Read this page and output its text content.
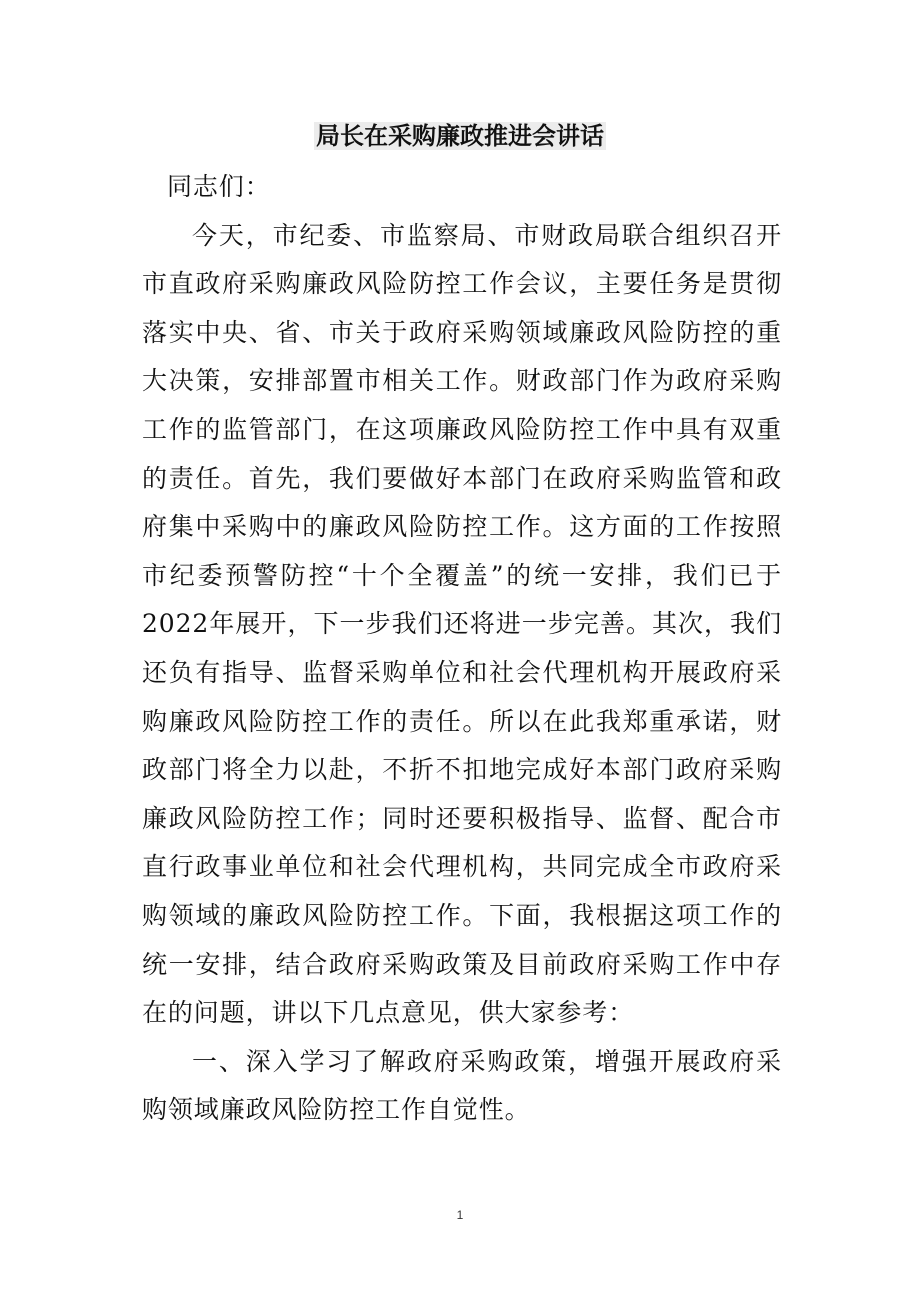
局长在采购廉政推进会讲话

同志们：

今天，市纪委、市监察局、市财政局联合组织召开市直政府采购廉政风险防控工作会议，主要任务是贯彻落实中央、省、市关于政府采购领域廉政风险防控的重大决策，安排部置市相关工作。财政部门作为政府采购工作的监管部门，在这项廉政风险防控工作中具有双重的责任。首先，我们要做好本部门在政府采购监管和政府集中采购中的廉政风险防控工作。这方面的工作按照市纪委预警防控“十个全覆盖”的统一安排，我们已于2022年展开，下一步我们还将进一步完善。其次，我们还负有指导、监督采购单位和社会代理机构开展政府采购廉政风险防控工作的责任。所以在此我郑重承诺，财政部门将全力以赴，不折不扣地完成好本部门政府采购廉政风险防控工作；同时还要积极指导、监督、配合市直行政事业单位和社会代理机构，共同完成全市政府采购领域的廉政风险防控工作。下面，我根据这项工作的统一安排，结合政府采购政策及目前政府采购工作中存在的问题，讲以下几点意见，供大家参考：

一、深入学习了解政府采购政策，增强开展政府采购领域廉政风险防控工作自觉性。

1
